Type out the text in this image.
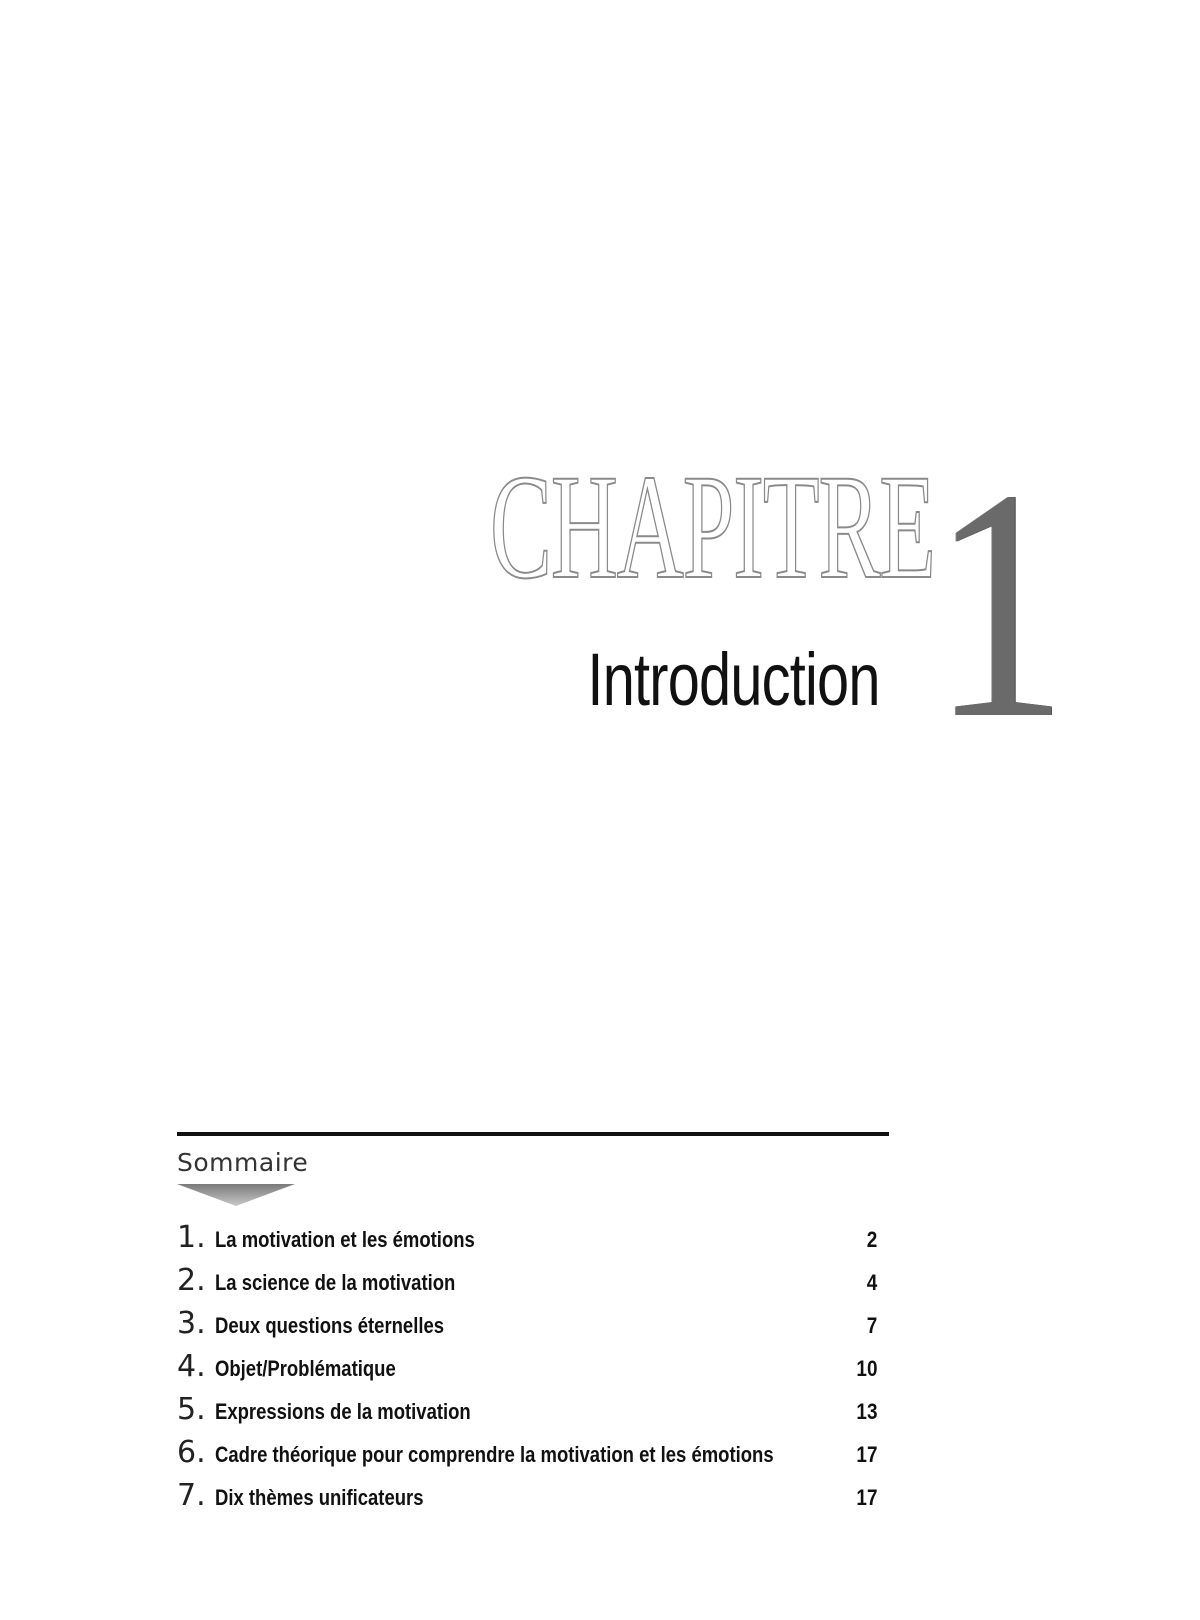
CHAPITRE
1
Introduction
Sommaire
1. La motivation et les émotions	2
2. La science de la motivation	4
3. Deux questions éternelles	7
4. Objet/Problématique	10
5. Expressions de la motivation	13
6. Cadre théorique pour comprendre la motivation et les émotions	17
7. Dix thèmes unificateurs	17
